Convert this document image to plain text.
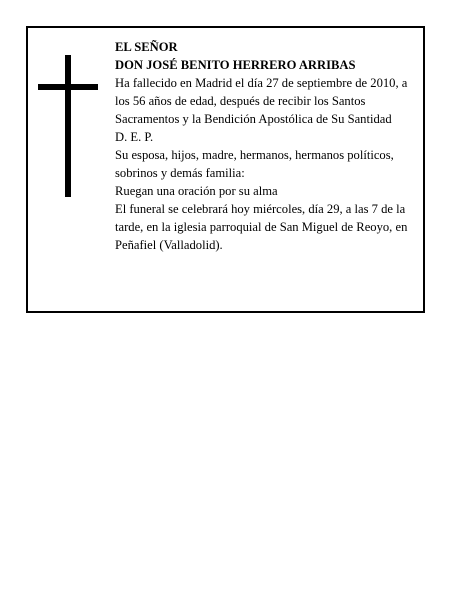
EL SEÑOR
DON JOSÉ BENITO HERRERO ARRIBAS
Ha fallecido en Madrid el día 27 de septiembre de 2010, a los 56 años de edad, después de recibir los Santos Sacramentos y la Bendición Apostólica de Su Santidad
D. E. P.
Su esposa, hijos, madre, hermanos, hermanos políticos, sobrinos y demás familia:
Ruegan una oración por su alma
El funeral se celebrará hoy miércoles, día 29, a las 7 de la tarde, en la iglesia parroquial de San Miguel de Reoyo, en Peñafiel (Valladolid).
